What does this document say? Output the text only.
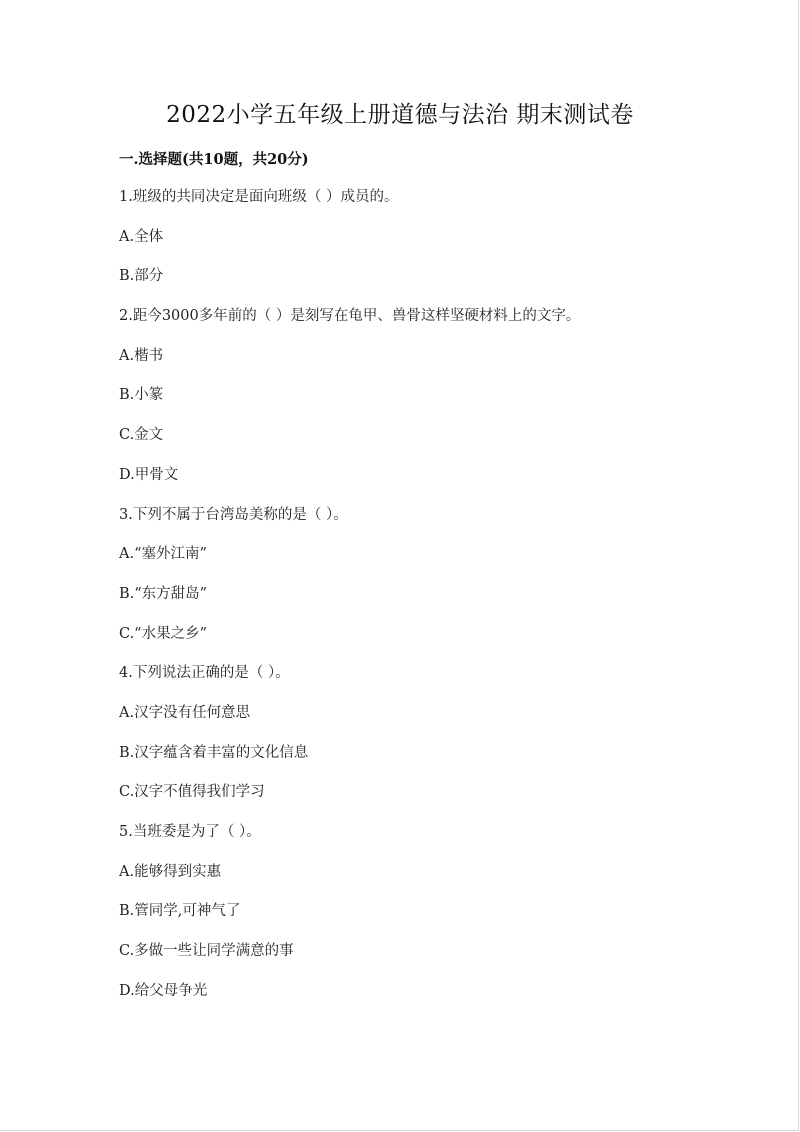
2022小学五年级上册道德与法治 期末测试卷
一.选择题(共10题，共20分)
1.班级的共同决定是面向班级（ ）成员的。
A.全体
B.部分
2.距今3000多年前的（ ）是刻写在龟甲、兽骨这样坚硬材料上的文字。
A.楷书
B.小篆
C.金文
D.甲骨文
3.下列不属于台湾岛美称的是（ ）。
A.“塞外江南”
B.“东方甜岛”
C.“水果之乡”
4.下列说法正确的是（ ）。
A.汉字没有任何意思
B.汉字蕴含着丰富的文化信息
C.汉字不值得我们学习
5.当班委是为了（ ）。
A.能够得到实惠
B.管同学,可神气了
C.多做一些让同学满意的事
D.给父母争光
